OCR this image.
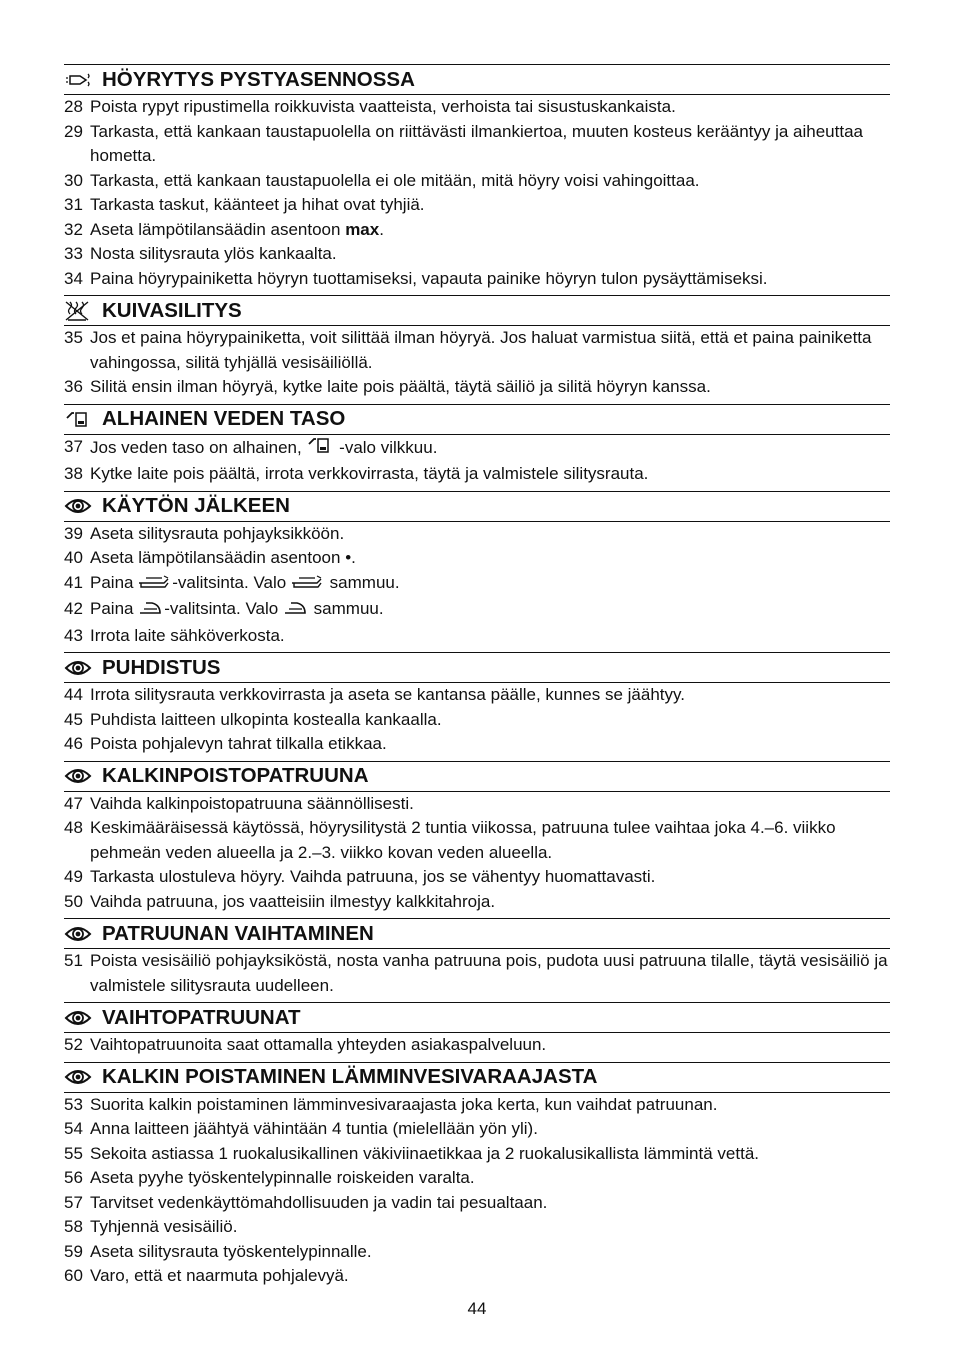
HÖYRYTYS PYSTYASENNOSSA
28 Poista rypyt ripustimella roikkuvista vaatteista, verhoista tai sisustuskankaista.
29 Tarkasta, että kankaan taustapuolella on riittävästi ilmankiertoa, muuten kosteus kerääntyy ja aiheuttaa hometta.
30 Tarkasta, että kankaan taustapuolella ei ole mitään, mitä höyry voisi vahingoittaa.
31 Tarkasta taskut, käänteet ja hihat ovat tyhjiä.
32 Aseta lämpötilansäädin asentoon max.
33 Nosta silitysrauta ylös kankaalta.
34 Paina höyrypainiketta höyryn tuottamiseksi, vapauta painike höyryn tulon pysäyttämiseksi.
KUIVASILITYS
35 Jos et paina höyrypainiketta, voit silittää ilman höyryä. Jos haluat varmistua siitä, että et paina painiketta vahingossa, silitä tyhjällä vesisäiliöllä.
36 Silitä ensin ilman höyryä, kytke laite pois päältä, täytä säiliö ja silitä höyryn kanssa.
ALHAINEN VEDEN TASO
37 Jos veden taso on alhainen,  -valo vilkkuu.
38 Kytke laite pois päältä, irrota verkkovirrasta, täytä ja valmistele silitysrauta.
KÄYTÖN JÄLKEEN
39 Aseta silitysrauta pohjayksikköön.
40 Aseta lämpötilansäädin asentoon •.
41 Paina -valitsinta. Valo  sammuu.
42 Paina -valitsinta. Valo  sammuu.
43 Irrota laite sähköverkosta.
PUHDISTUS
44 Irrota silitysrauta verkkovirrasta ja aseta se kantansa päälle, kunnes se jäähtyy.
45 Puhdista laitteen ulkopinta kostealla kankaalla.
46 Poista pohjalevyn tahrat tilkalla etikkaa.
KALKINPOISTOPATRUUNA
47 Vaihda kalkinpoistopatruuna säännöllisesti.
48 Keskimääräisessä käytössä, höyrysilitystä 2 tuntia viikossa, patruuna tulee vaihtaa joka 4.–6. viikko pehmeän veden alueella ja 2.–3. viikko kovan veden alueella.
49 Tarkasta ulostuleva höyry. Vaihda patruuna, jos se vähentyy huomattavasti.
50 Vaihda patruuna, jos vaatteisiin ilmestyy kalkkitahroja.
PATRUUNAN VAIHTAMINEN
51 Poista vesisäiliö pohjayksiköstä, nosta vanha patruuna pois, pudota uusi patruuna tilalle, täytä vesisäiliö ja valmistele silitysrauta uudelleen.
VAIHTOPATRUUNAT
52 Vaihtopatruunoita saat ottamalla yhteyden asiakaspalveluun.
KALKIN POISTAMINEN LÄMMINVESIVARAAJASTA
53 Suorita kalkin poistaminen lämminvesivaraajasta joka kerta, kun vaihdat patruunan.
54 Anna laitteen jäähtyä vähintään 4 tuntia (mielellään yön yli).
55 Sekoita astiassa 1 ruokalusikallinen väkiviinaetikkaa ja 2 ruokalusikallista lämmintä vettä.
56 Aseta pyyhe työskentelypinnalle roiskeiden varalta.
57 Tarvitset vedenkäyttömahdollisuuden ja vadin tai pesualtaan.
58 Tyhjennä vesisäiliö.
59 Aseta silitysrauta työskentelypinnalle.
60 Varo, että et naarmuta pohjalevyä.
44
